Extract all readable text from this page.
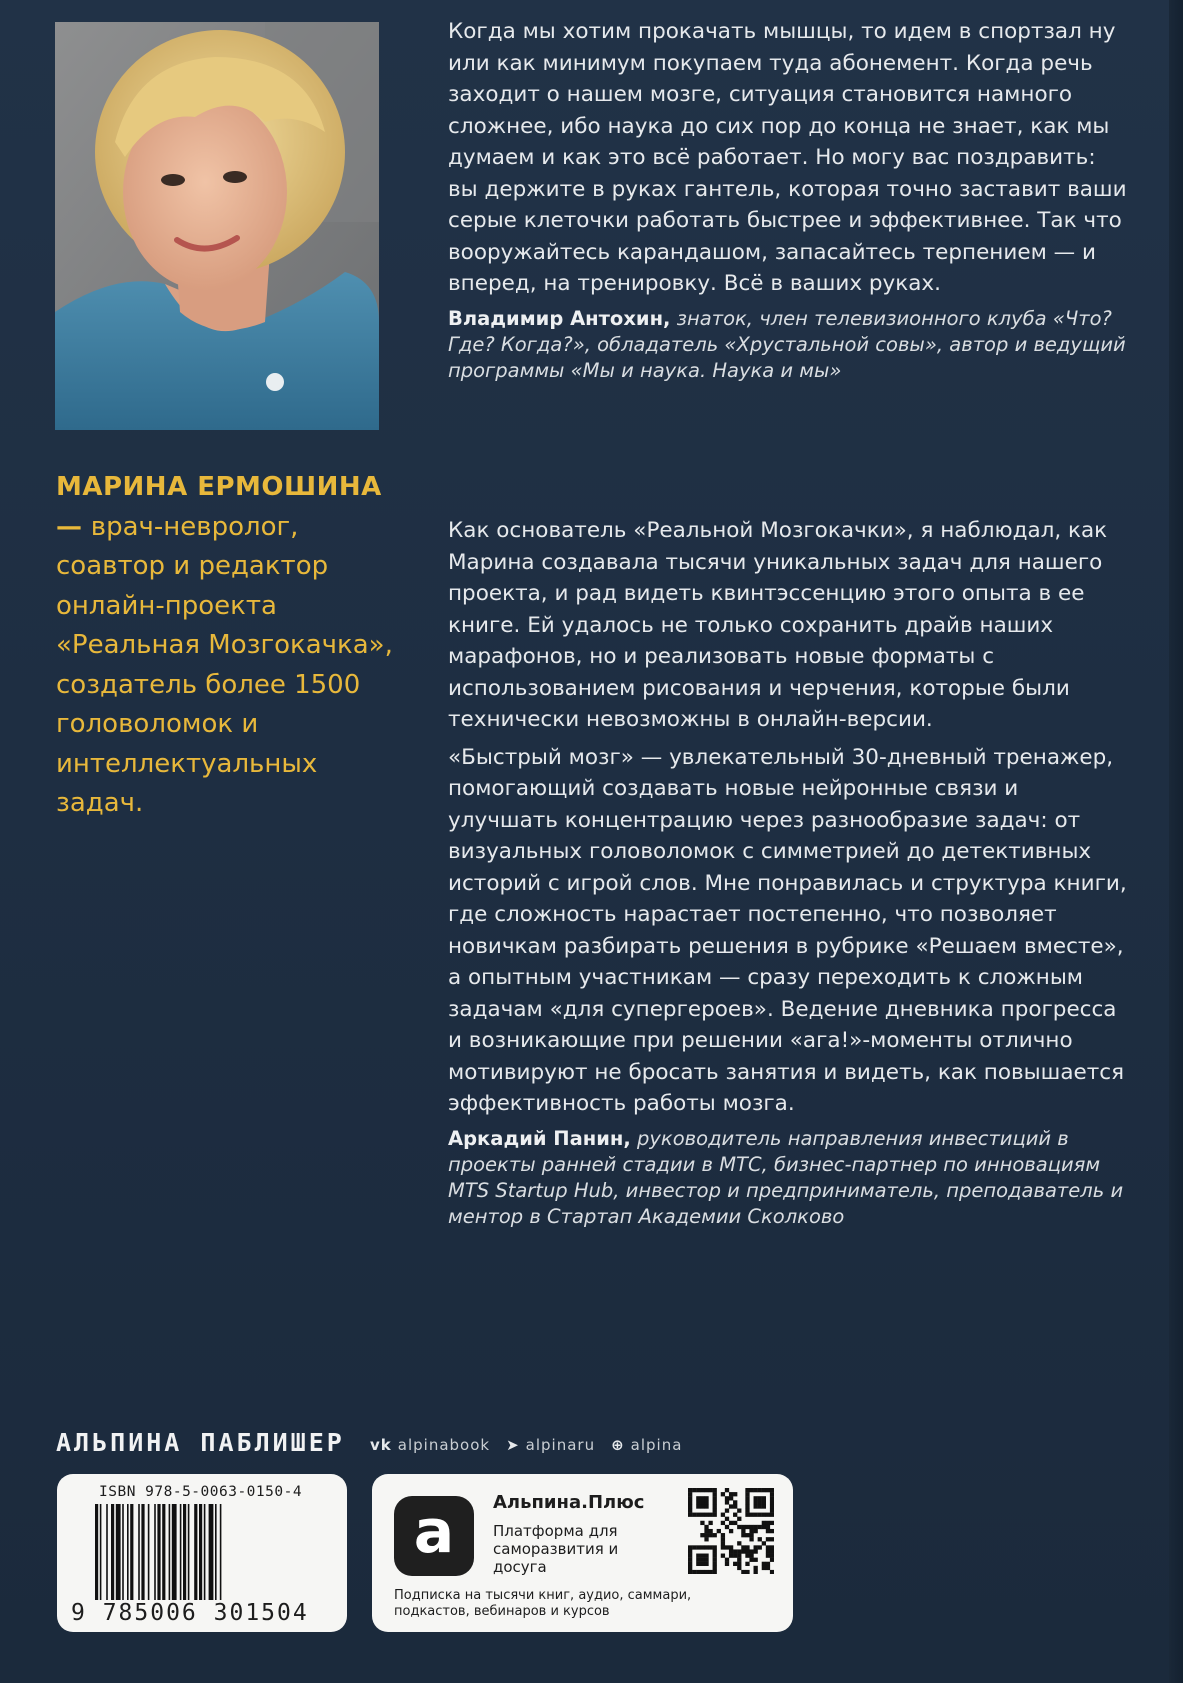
МАРИНА ЕРМОШИНА — врач-невролог, соавтор и редактор онлайн-проекта «Реальная Мозгокачка», создатель более 1500 головоломок и интеллектуальных задач.

Когда мы хотим прокачать мышцы, то идем в спортзал ну или как минимум покупаем туда абонемент. Когда речь заходит о нашем мозге, ситуация становится намного сложнее, ибо наука до сих пор до конца не знает, как мы думаем и как это всё работает. Но могу вас поздравить: вы держите в руках гантель, которая точно заставит ваши серые клеточки работать быстрее и эффективнее. Так что вооружайтесь карандашом, запасайтесь терпением — и вперед, на тренировку. Всё в ваших руках.

Владимир Антохин, знаток, член телевизионного клуба «Что? Где? Когда?», обладатель «Хрустальной совы», автор и ведущий программы «Мы и наука. Наука и мы»

Как основатель «Реальной Мозгокачки», я наблюдал, как Марина создавала тысячи уникальных задач для нашего проекта, и рад видеть квинтэссенцию этого опыта в ее книге. Ей удалось не только сохранить драйв наших марафонов, но и реализовать новые форматы с использованием рисования и черчения, которые были технически невозможны в онлайн-версии.

«Быстрый мозг» — увлекательный 30-дневный тренажер, помогающий создавать новые нейронные связи и улучшать концентрацию через разнообразие задач: от визуальных головоломок с симметрией до детективных историй с игрой слов. Мне понравилась и структура книги, где сложность нарастает постепенно, что позволяет новичкам разбирать решения в рубрике «Решаем вместе», а опытным участникам — сразу переходить к сложным задачам «для супергероев». Ведение дневника прогресса и возникающие при решении «ага!»-моменты отлично мотивируют не бросать занятия и видеть, как повышается эффективность работы мозга.

Аркадий Панин, руководитель направления инвестиций в проекты ранней стадии в МТС, бизнес-партнер по инновациям MTS Startup Hub, инвестор и предприниматель, преподаватель и ментор в Стартап Академии Сколково

АЛЬПИНА ПАБЛИШЕР vk alpinabook ➤ alpinaru ⊕ alpina
ISBN 978-5-0063-0150-4
9 785006 301504
a	Альпина.Плюс
Платформа для саморазвития и досуга
Подписка на тысячи книг, аудио, саммари, подкастов, вебинаров и курсов
